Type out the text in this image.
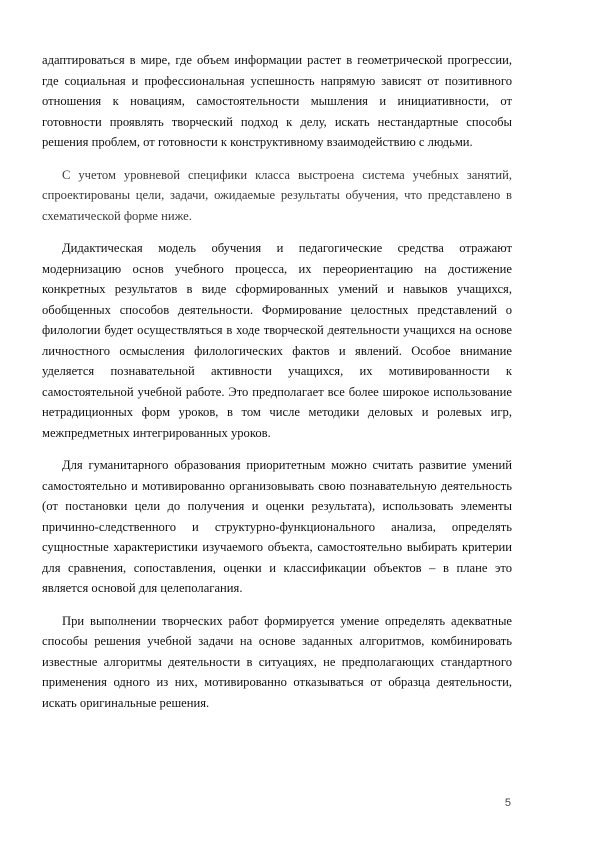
адаптироваться в мире, где объем информации растет в геометрической прогрессии, где социальная и профессиональная успешность напрямую зависят от позитивного отношения к новациям, самостоятельности мышления и инициативности, от готовности проявлять творческий подход к делу, искать нестандартные способы решения проблем, от готовности к конструктивному взаимодействию с людьми.

С учетом уровневой специфики класса выстроена система учебных занятий, спроектированы цели, задачи, ожидаемые результаты обучения, что представлено в схематической форме ниже.

Дидактическая модель обучения и педагогические средства отражают модернизацию основ учебного процесса, их переориентацию на достижение конкретных результатов в виде сформированных умений и навыков учащихся, обобщенных способов деятельности. Формирование целостных представлений о филологии будет осуществляться в ходе творческой деятельности учащихся на основе личностного осмысления филологических фактов и явлений. Особое внимание уделяется познавательной активности учащихся, их мотивированности к самостоятельной учебной работе. Это предполагает все более широкое использование нетрадиционных форм уроков, в том числе методики деловых и ролевых игр, межпредметных интегрированных уроков.

Для гуманитарного образования приоритетным можно считать развитие умений самостоятельно и мотивированно организовывать свою познавательную деятельность (от постановки цели до получения и оценки результата), использовать элементы причинно-следственного и структурно-функционального анализа, определять сущностные характеристики изучаемого объекта, самостоятельно выбирать критерии для сравнения, сопоставления, оценки и классификации объектов – в плане это является основой для целеполагания.

При выполнении творческих работ формируется умение определять адекватные способы решения учебной задачи на основе заданных алгоритмов, комбинировать известные алгоритмы деятельности в ситуациях, не предполагающих стандартного применения одного из них, мотивированно отказываться от образца деятельности, искать оригинальные решения.

5
